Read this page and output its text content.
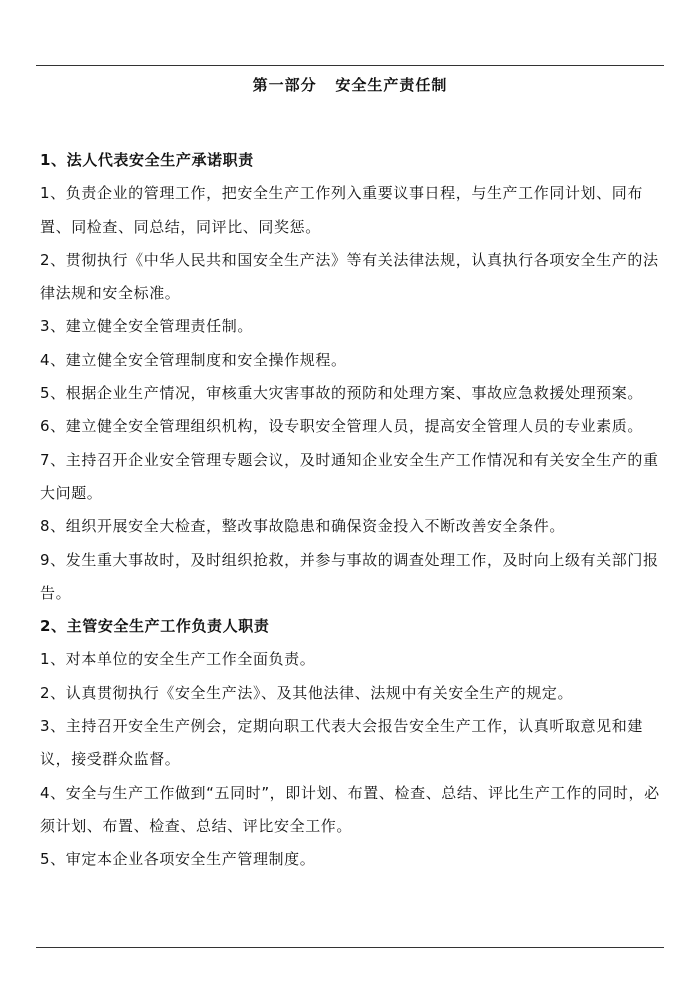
第一部分   安全生产责任制

1、法人代表安全生产承诺职责

1、负责企业的管理工作，把安全生产工作列入重要议事日程，与生产工作同计划、同布置、同检查、同总结，同评比、同奖惩。

2、贯彻执行《中华人民共和国安全生产法》等有关法律法规，认真执行各项安全生产的法律法规和安全标准。

3、建立健全安全管理责任制。

4、建立健全安全管理制度和安全操作规程。

5、根据企业生产情况，审核重大灾害事故的预防和处理方案、事故应急救援处理预案。

6、建立健全安全管理组织机构，设专职安全管理人员，提高安全管理人员的专业素质。

7、主持召开企业安全管理专题会议，及时通知企业安全生产工作情况和有关安全生产的重大问题。

8、组织开展安全大检查，整改事故隐患和确保资金投入不断改善安全条件。

9、发生重大事故时，及时组织抢救，并参与事故的调查处理工作，及时向上级有关部门报告。

2、主管安全生产工作负责人职责

1、对本单位的安全生产工作全面负责。

2、认真贯彻执行《安全生产法》、及其他法律、法规中有关安全生产的规定。

3、主持召开安全生产例会，定期向职工代表大会报告安全生产工作，认真听取意见和建议，接受群众监督。

4、安全与生产工作做到“五同时”，即计划、布置、检查、总结、评比生产工作的同时，必须计划、布置、检查、总结、评比安全工作。

5、审定本企业各项安全生产管理制度。
